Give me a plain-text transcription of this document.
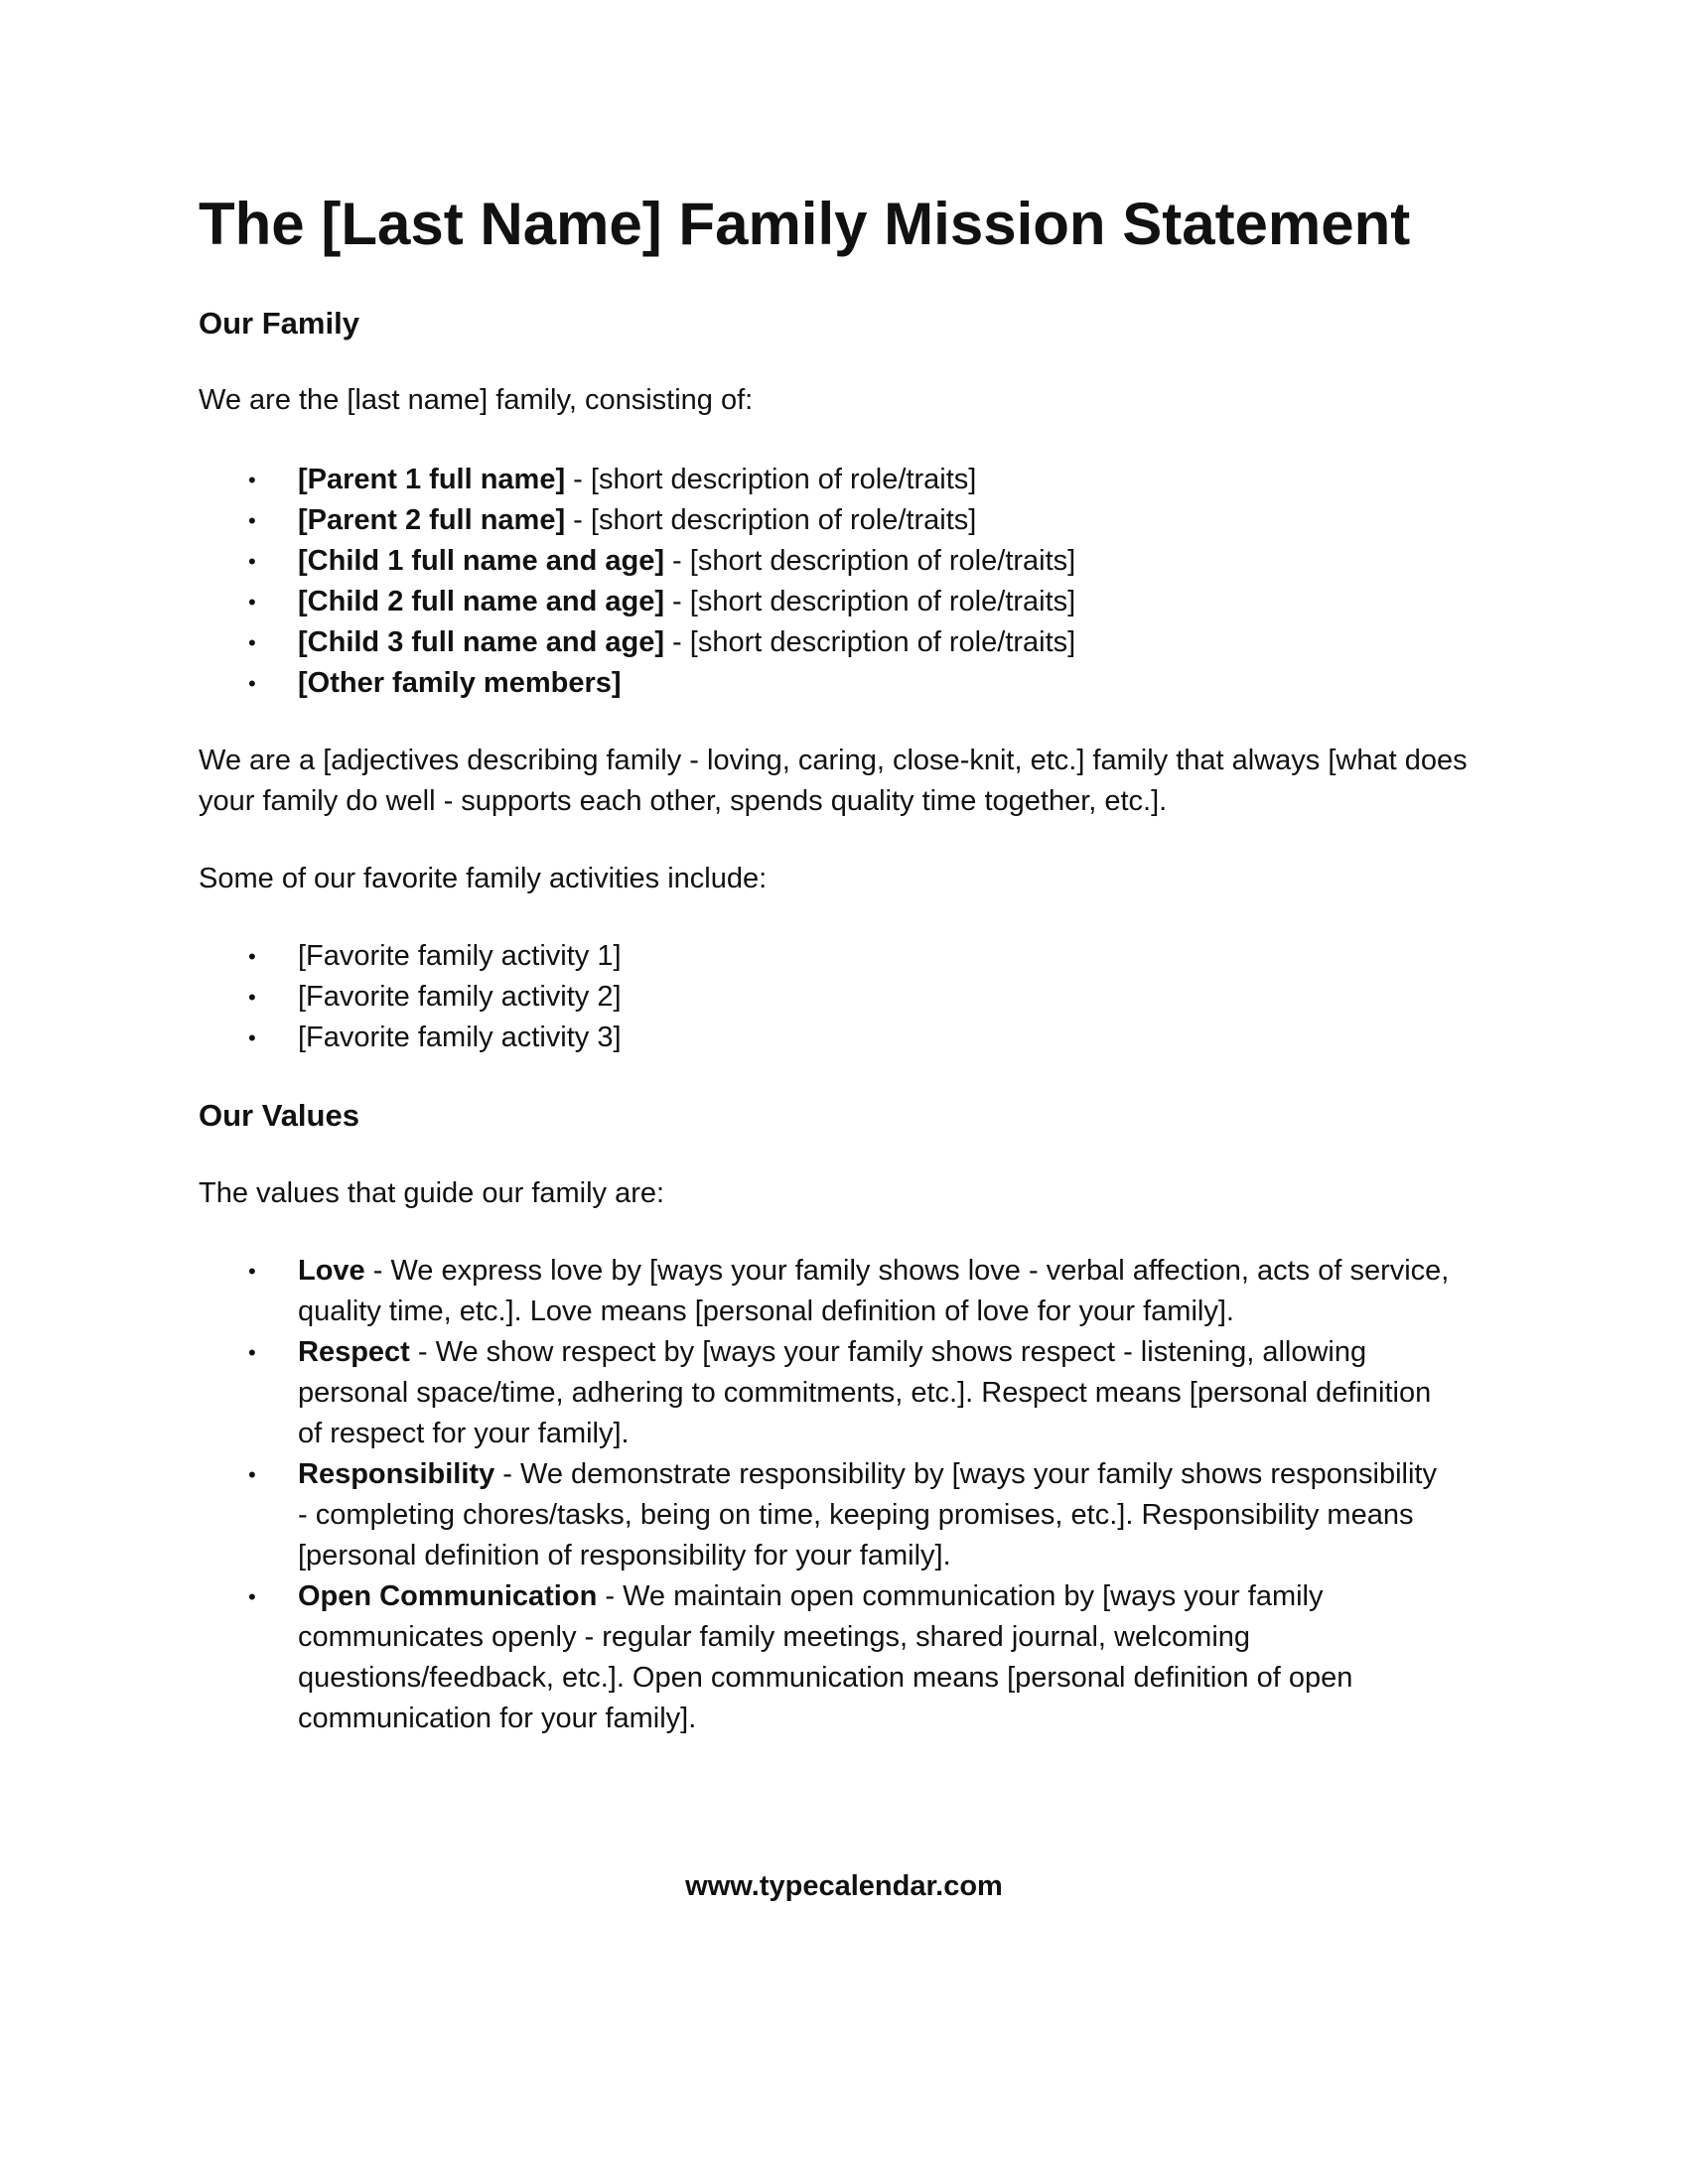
The [Last Name] Family Mission Statement
Our Family

We are the [last name] family, consisting of:

•	[Parent 1 full name] - [short description of role/traits]
•	[Parent 2 full name] - [short description of role/traits]
•	[Child 1 full name and age] - [short description of role/traits]
•	[Child 2 full name and age] - [short description of role/traits]
•	[Child 3 full name and age] - [short description of role/traits]
•	[Other family members]

We are a [adjectives describing family - loving, caring, close-knit, etc.] family that always [what does your family do well - supports each other, spends quality time together, etc.].

Some of our favorite family activities include:

•	[Favorite family activity 1]
•	[Favorite family activity 2]
•	[Favorite family activity 3]
Our Values

The values that guide our family are:

•	Love - We express love by [ways your family shows love - verbal affection, acts of service, quality time, etc.]. Love means [personal definition of love for your family].
•	Respect - We show respect by [ways your family shows respect - listening, allowing personal space/time, adhering to commitments, etc.]. Respect means [personal definition of respect for your family].
•	Responsibility - We demonstrate responsibility by [ways your family shows responsibility - completing chores/tasks, being on time, keeping promises, etc.]. Responsibility means [personal definition of responsibility for your family].
•	Open Communication - We maintain open communication by [ways your family communicates openly - regular family meetings, shared journal, welcoming questions/feedback, etc.]. Open communication means [personal definition of open communication for your family].
www.typecalendar.com
